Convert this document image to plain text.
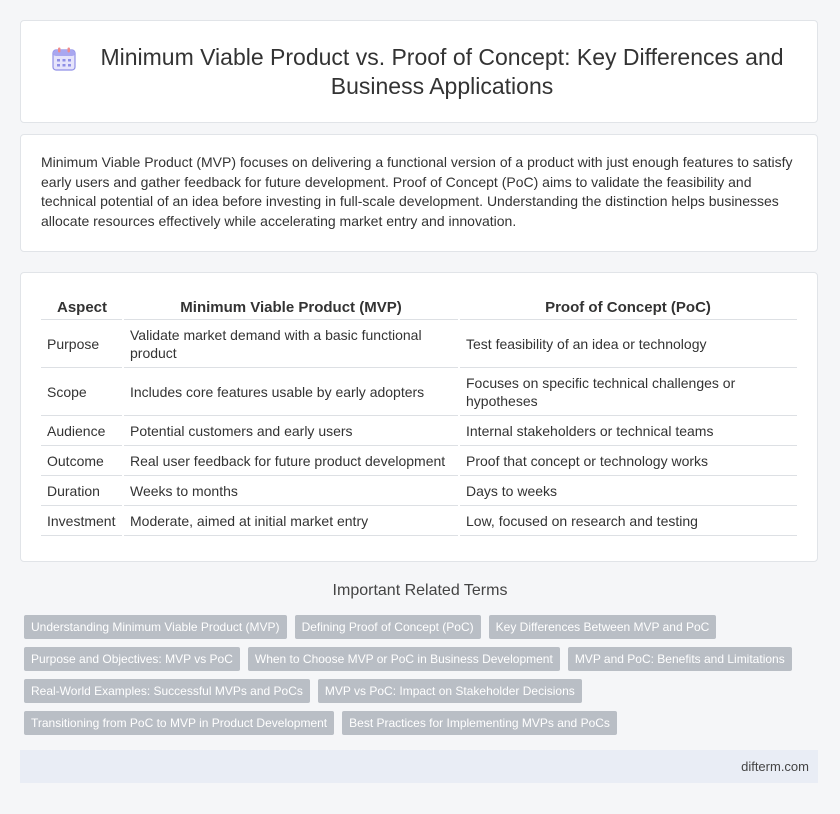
Minimum Viable Product vs. Proof of Concept: Key Differences and Business Applications

Minimum Viable Product (MVP) focuses on delivering a functional version of a product with just enough features to satisfy early users and gather feedback for future development. Proof of Concept (PoC) aims to validate the feasibility and technical potential of an idea before investing in full-scale development. Understanding the distinction helps businesses allocate resources effectively while accelerating market entry and innovation.

Aspect	Minimum Viable Product (MVP)	Proof of Concept (PoC)
Purpose	Validate market demand with a basic functional product	Test feasibility of an idea or technology
Scope	Includes core features usable by early adopters	Focuses on specific technical challenges or hypotheses
Audience	Potential customers and early users	Internal stakeholders or technical teams
Outcome	Real user feedback for future product development	Proof that concept or technology works
Duration	Weeks to months	Days to weeks
Investment	Moderate, aimed at initial market entry	Low, focused on research and testing
Important Related Terms
Understanding Minimum Viable Product (MVP)	Defining Proof of Concept (PoC)	Key Differences Between MVP and PoC
Purpose and Objectives: MVP vs PoC	When to Choose MVP or PoC in Business Development	MVP and PoC: Benefits and Limitations
Real-World Examples: Successful MVPs and PoCs	MVP vs PoC: Impact on Stakeholder Decisions
Transitioning from PoC to MVP in Product Development	Best Practices for Implementing MVPs and PoCs
difterm.com
